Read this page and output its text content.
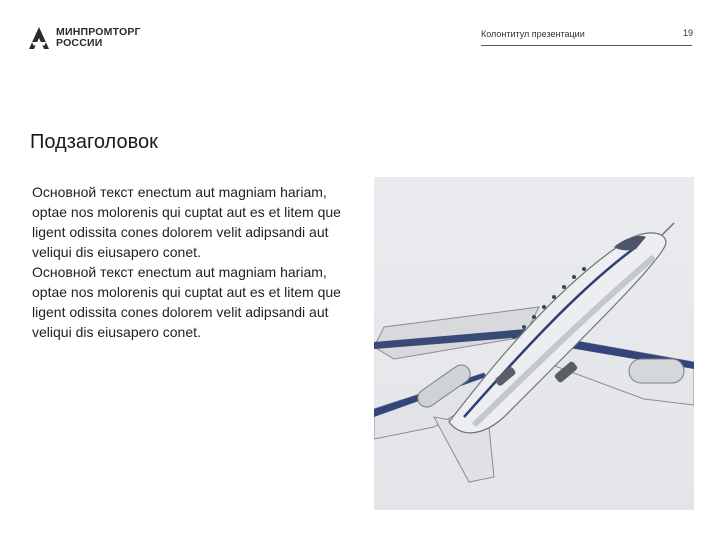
МИНПРОМТОРГ
РОССИИ
Колонтитул презентации	19
Подзаголовок

Основной текст enectum aut magniam hariam, optae nos molorenis qui cuptat aut es et litem que ligent odissita cones dolorem velit adipsandi aut veliqui dis eiusapero conet.

Основной текст enectum aut magniam hariam, optae nos molorenis qui cuptat aut es et litem que ligent odissita cones dolorem velit adipsandi aut veliqui dis eiusapero conet.
